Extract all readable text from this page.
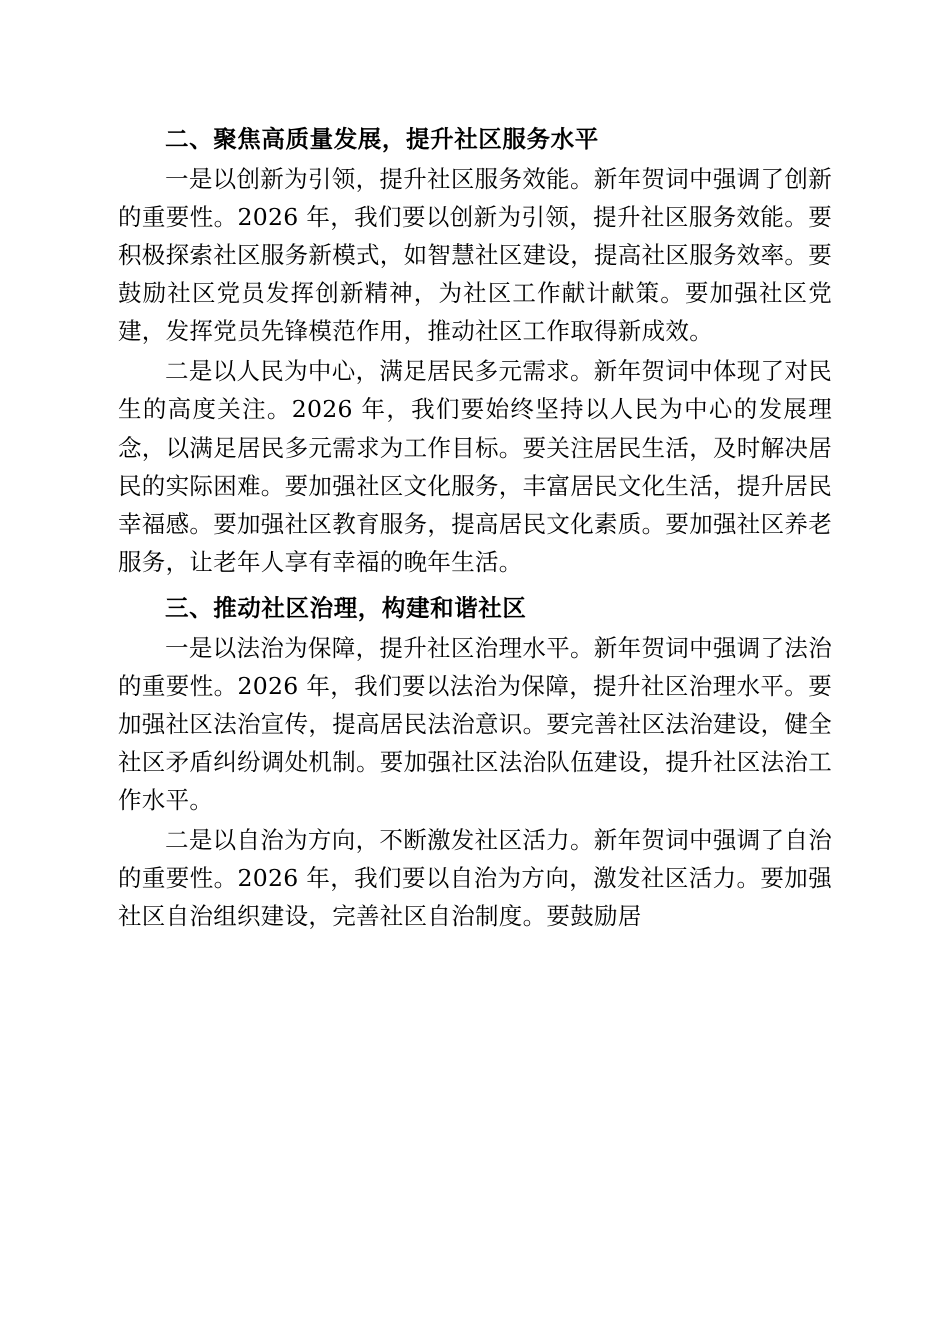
二、聚焦高质量发展，提升社区服务水平

一是以创新为引领，提升社区服务效能。新年贺词中强调了创新的重要性。2026 年，我们要以创新为引领，提升社区服务效能。要积极探索社区服务新模式，如智慧社区建设，提高社区服务效率。要鼓励社区党员发挥创新精神，为社区工作献计献策。要加强社区党建，发挥党员先锋模范作用，推动社区工作取得新成效。

二是以人民为中心，满足居民多元需求。新年贺词中体现了对民生的高度关注。2026 年，我们要始终坚持以人民为中心的发展理念，以满足居民多元需求为工作目标。要关注居民生活，及时解决居民的实际困难。要加强社区文化服务，丰富居民文化生活，提升居民幸福感。要加强社区教育服务，提高居民文化素质。要加强社区养老服务，让老年人享有幸福的晚年生活。

三、推动社区治理，构建和谐社区

一是以法治为保障，提升社区治理水平。新年贺词中强调了法治的重要性。2026 年，我们要以法治为保障，提升社区治理水平。要加强社区法治宣传，提高居民法治意识。要完善社区法治建设，健全社区矛盾纠纷调处机制。要加强社区法治队伍建设，提升社区法治工作水平。

二是以自治为方向，不断激发社区活力。新年贺词中强调了自治的重要性。2026 年，我们要以自治为方向，激发社区活力。要加强社区自治组织建设，完善社区自治制度。要鼓励居
